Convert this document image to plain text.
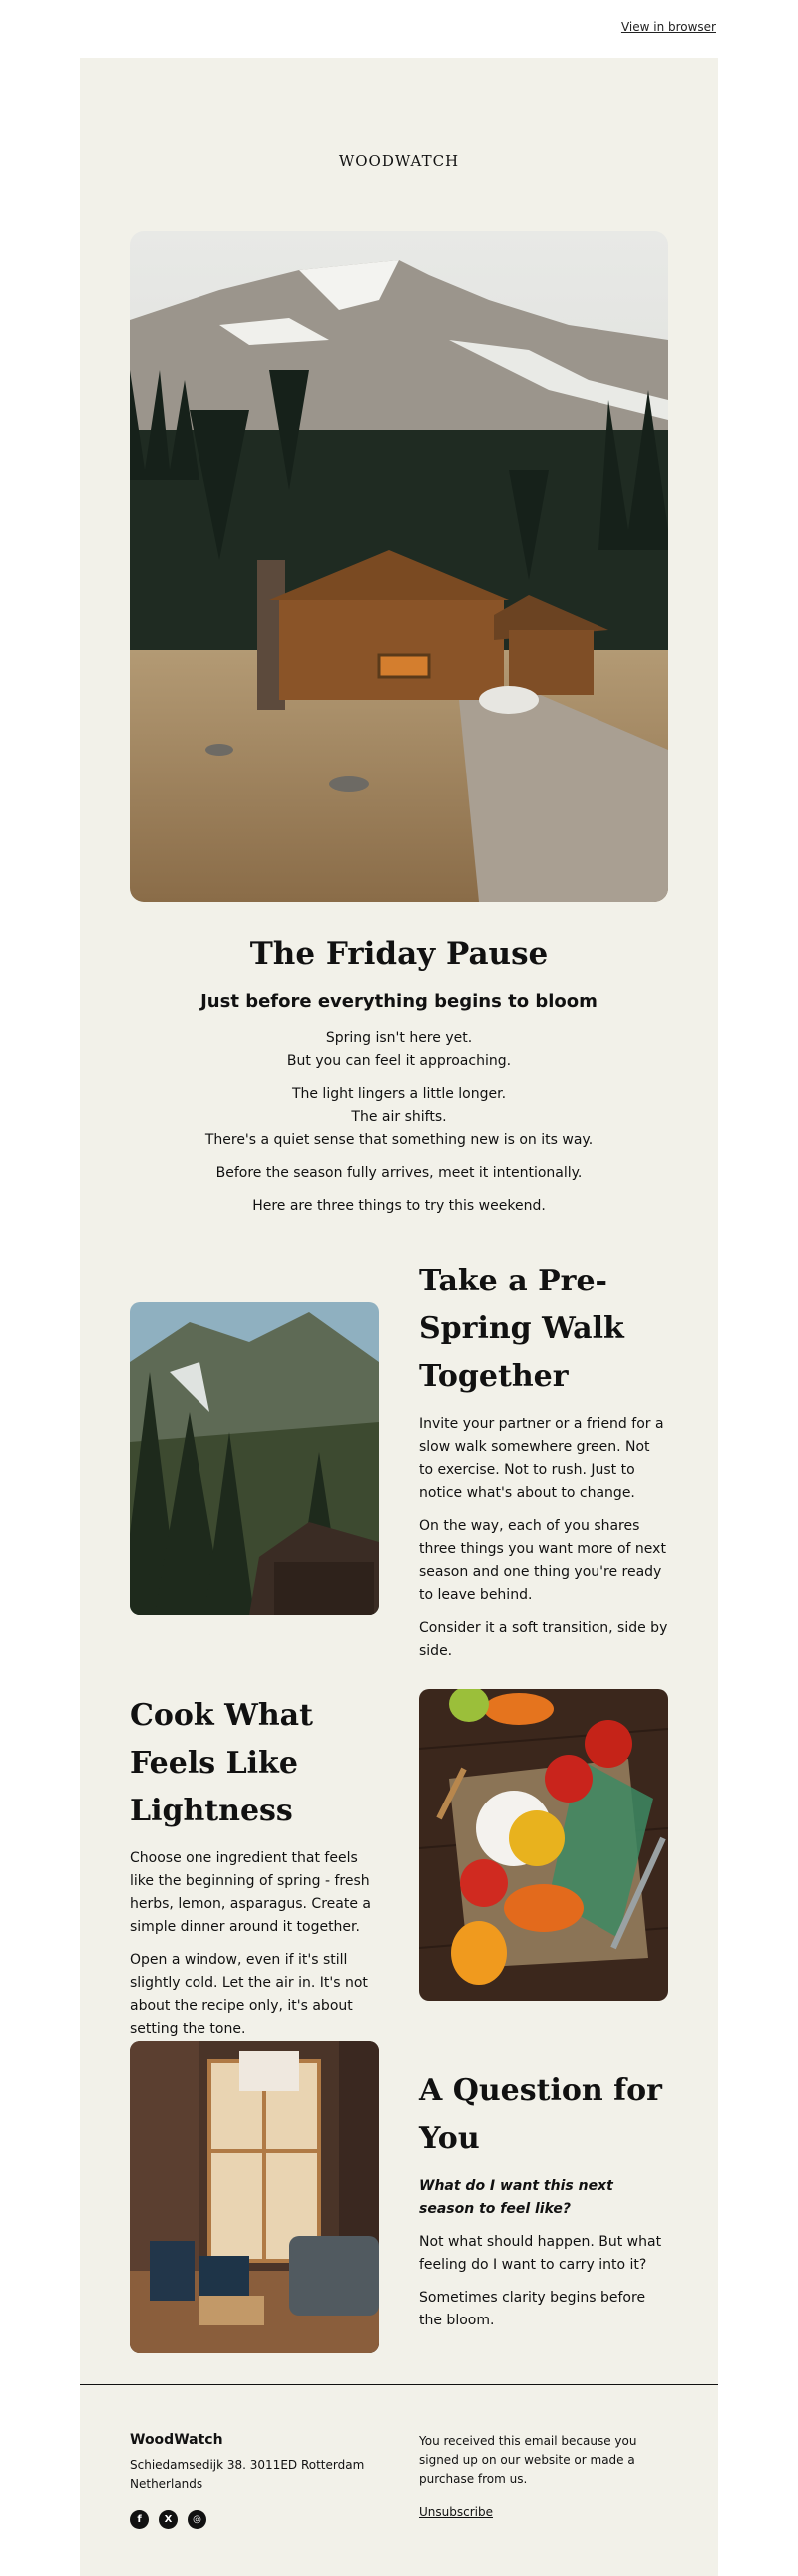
View in browser
WOODWATCH
The Friday Pause
Just before everything begins to bloom

Spring isn't here yet.
But you can feel it approaching.

The light lingers a little longer.
The air shifts.
There's a quiet sense that something new is on its way.

Before the season fully arrives, meet it intentionally.

Here are three things to try this weekend.

Take a Pre-Spring Walk Together

Invite your partner or a friend for a slow walk somewhere green. Not to exercise. Not to rush. Just to notice what's about to change.

On the way, each of you shares three things you want more of next season and one thing you're ready to leave behind.

Consider it a soft transition, side by side.

Cook What Feels Like Lightness

Choose one ingredient that feels like the beginning of spring - fresh herbs, lemon, asparagus. Create a simple dinner around it together.

Open a window, even if it's still slightly cold. Let the air in. It's not about the recipe only, it's about setting the tone.

A Question for You

What do I want this next season to feel like?

Not what should happen. But what feeling do I want to carry into it?

Sometimes clarity begins before the bloom.

WoodWatch
Schiedamsedijk 38. 3011ED Rotterdam Netherlands
f	X	◎
You received this email because you signed up on our website or made a purchase from us.
Unsubscribe
